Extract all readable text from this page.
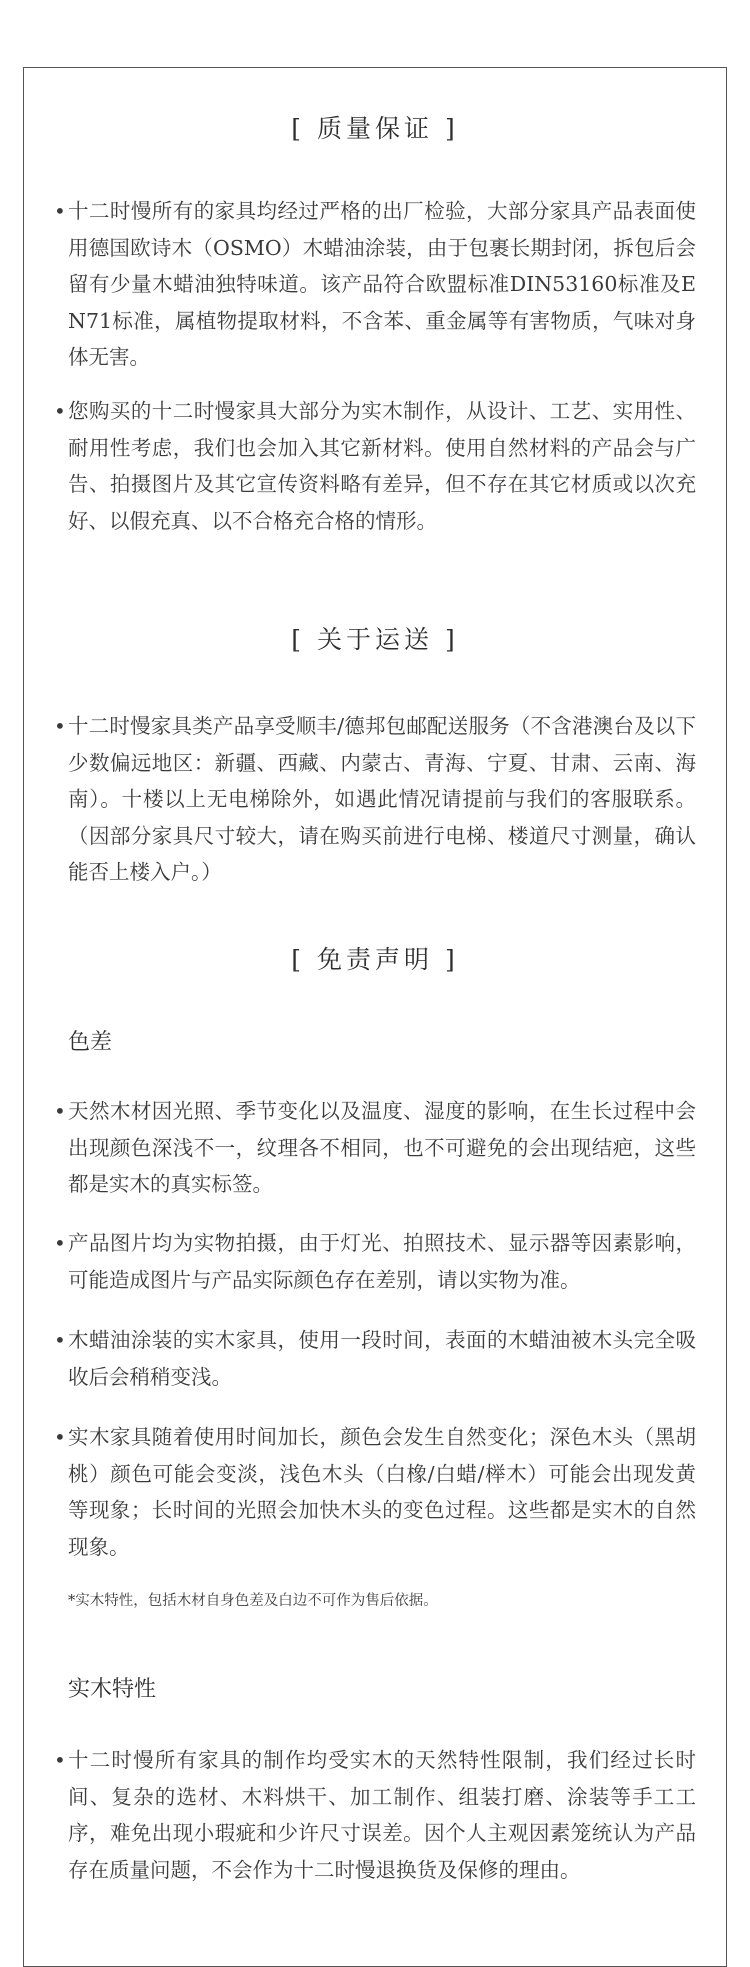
[ 质量保证 ]
• 十二时慢所有的家具均经过严格的出厂检验，大部分家具产品表面使用德国欧诗木（OSMO）木蜡油涂装，由于包裹长期封闭，拆包后会留有少量木蜡油独特味道。该产品符合欧盟标准DIN53160标准及EN71标准，属植物提取材料，不含苯、重金属等有害物质，气味对身体无害。
• 您购买的十二时慢家具大部分为实木制作，从设计、工艺、实用性、耐用性考虑，我们也会加入其它新材料。使用自然材料的产品会与广告、拍摄图片及其它宣传资料略有差异，但不存在其它材质或以次充好、以假充真、以不合格充合格的情形。
[ 关于运送 ]
• 十二时慢家具类产品享受顺丰/德邦包邮配送服务（不含港澳台及以下少数偏远地区：新疆、西藏、内蒙古、青海、宁夏、甘肃、云南、海南）。十楼以上无电梯除外，如遇此情况请提前与我们的客服联系。（因部分家具尺寸较大，请在购买前进行电梯、楼道尺寸测量，确认能否上楼入户。）
[ 免责声明 ]
色差
• 天然木材因光照、季节变化以及温度、湿度的影响，在生长过程中会出现颜色深浅不一，纹理各不相同，也不可避免的会出现结疤，这些都是实木的真实标签。
• 产品图片均为实物拍摄，由于灯光、拍照技术、显示器等因素影响，可能造成图片与产品实际颜色存在差别，请以实物为准。
• 木蜡油涂装的实木家具，使用一段时间，表面的木蜡油被木头完全吸收后会稍稍变浅。
• 实木家具随着使用时间加长，颜色会发生自然变化；深色木头（黑胡桃）颜色可能会变淡，浅色木头（白橡/白蜡/榉木）可能会出现发黄等现象；长时间的光照会加快木头的变色过程。这些都是实木的自然现象。
*实木特性，包括木材自身色差及白边不可作为售后依据。
实木特性
• 十二时慢所有家具的制作均受实木的天然特性限制，我们经过长时间、复杂的选材、木料烘干、加工制作、组装打磨、涂装等手工工序，难免出现小瑕疵和少许尺寸误差。因个人主观因素笼统认为产品存在质量问题，不会作为十二时慢退换货及保修的理由。
